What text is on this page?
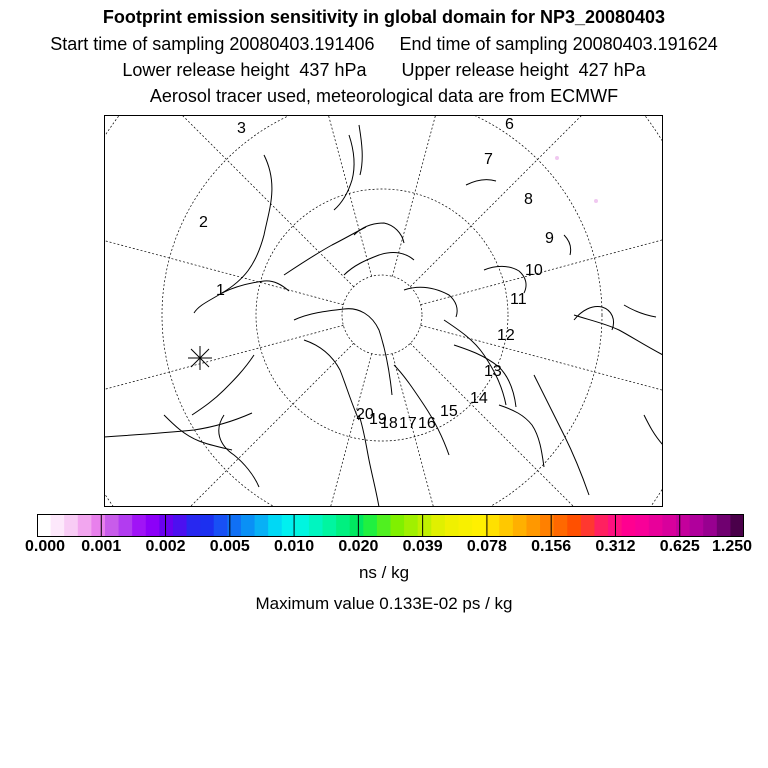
Footprint emission sensitivity in global domain for NP3_20080403
Start time of sampling 20080403.191406     End time of sampling 20080403.191624
Lower release height  437 hPa       Upper release height  427 hPa
Aerosol tracer used, meteorological data are from ECMWF
3
2
1
6
7
8
9
10
11
12
13
14
15
16
17
18
19
20
0.000 0.001 0.002 0.005 0.010 0.020 0.039 0.078 0.156 0.312 0.625 1.250
ns / kg
Maximum value 0.133E-02 ps / kg
